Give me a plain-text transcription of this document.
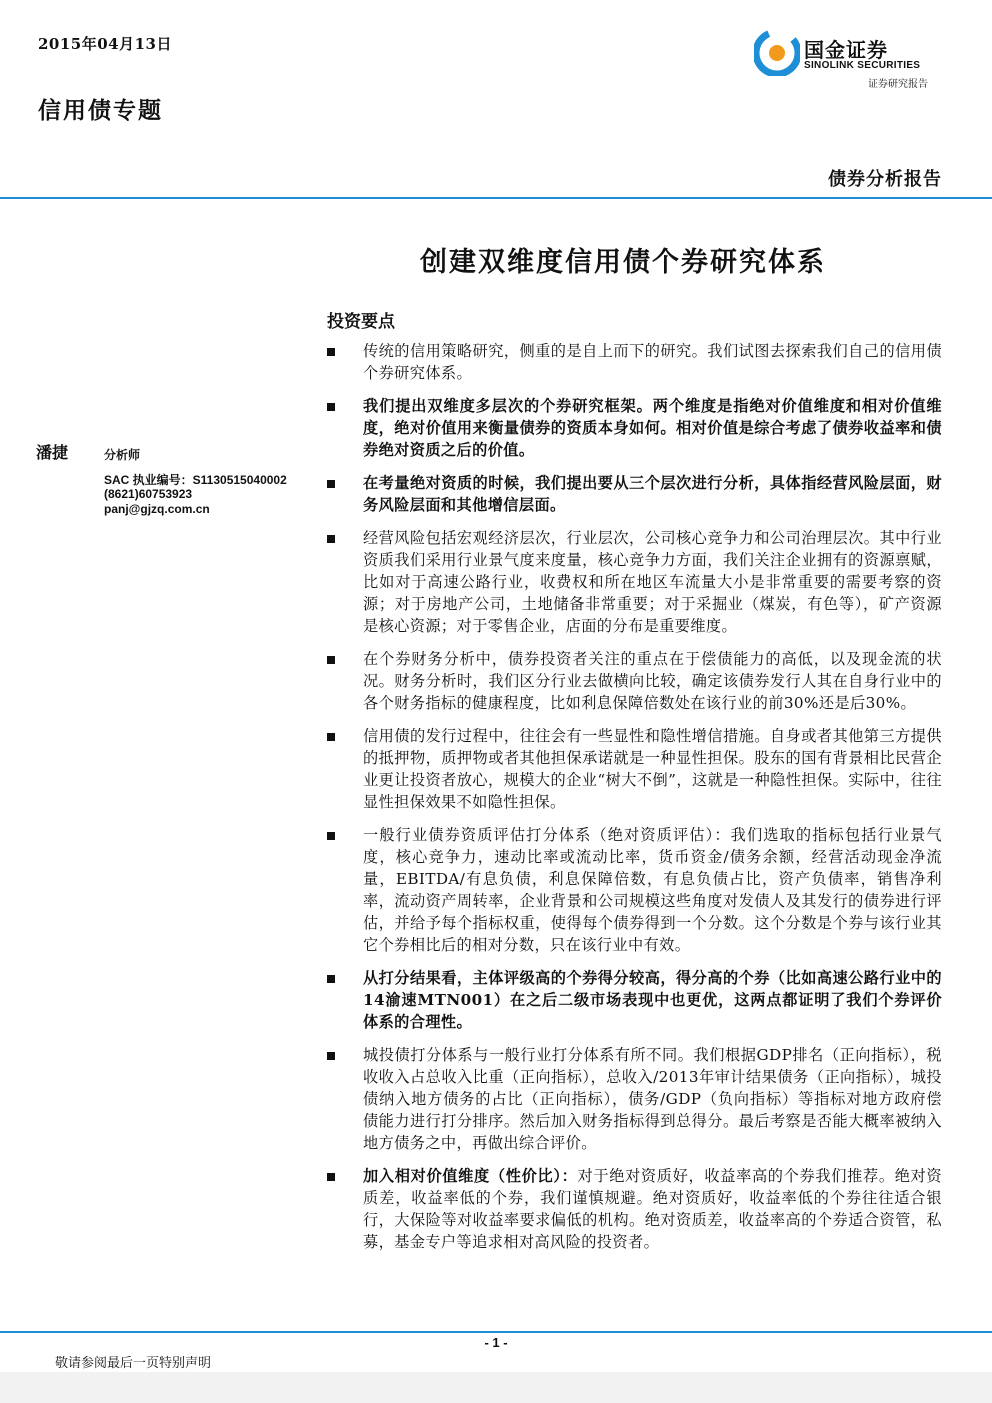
2015年04月13日
信用债专题
国金证券
SINOLINK SECURITIES
证券研究报告
债券分析报告
创建双维度信用债个券研究体系
潘捷	分析师
SAC 执业编号：S1130515040002
(8621)60753923
panj@gjzq.com.cn
投资要点
传统的信用策略研究，侧重的是自上而下的研究。我们试图去探索我们自己的信用债个券研究体系。
我们提出双维度多层次的个券研究框架。两个维度是指绝对价值维度和相对价值维度，绝对价值用来衡量债券的资质本身如何。相对价值是综合考虑了债券收益率和债券绝对资质之后的价值。
在考量绝对资质的时候，我们提出要从三个层次进行分析，具体指经营风险层面，财务风险层面和其他增信层面。
经营风险包括宏观经济层次，行业层次，公司核心竞争力和公司治理层次。其中行业资质我们采用行业景气度来度量，核心竞争力方面，我们关注企业拥有的资源禀赋，比如对于高速公路行业，收费权和所在地区车流量大小是非常重要的需要考察的资源；对于房地产公司，土地储备非常重要；对于采掘业（煤炭，有色等），矿产资源是核心资源；对于零售企业，店面的分布是重要维度。
在个券财务分析中，债券投资者关注的重点在于偿债能力的高低，以及现金流的状况。财务分析时，我们区分行业去做横向比较，确定该债券发行人其在自身行业中的各个财务指标的健康程度，比如利息保障倍数处在该行业的前30%还是后30%。
信用债的发行过程中，往往会有一些显性和隐性增信措施。自身或者其他第三方提供的抵押物，质押物或者其他担保承诺就是一种显性担保。股东的国有背景相比民营企业更让投资者放心，规模大的企业“树大不倒”，这就是一种隐性担保。实际中，往往显性担保效果不如隐性担保。
一般行业债券资质评估打分体系（绝对资质评估）：我们选取的指标包括行业景气度，核心竞争力，速动比率或流动比率，货币资金/债务余额，经营活动现金净流量，EBITDA/有息负债，利息保障倍数，有息负债占比，资产负债率，销售净利率，流动资产周转率，企业背景和公司规模这些角度对发债人及其发行的债券进行评估，并给予每个指标权重，使得每个债券得到一个分数。这个分数是个券与该行业其它个券相比后的相对分数，只在该行业中有效。
从打分结果看，主体评级高的个券得分较高，得分高的个券（比如高速公路行业中的14渝速MTN001）在之后二级市场表现中也更优，这两点都证明了我们个券评价体系的合理性。
城投债打分体系与一般行业打分体系有所不同。我们根据GDP排名（正向指标），税收收入占总收入比重（正向指标），总收入/2013年审计结果债务（正向指标），城投债纳入地方债务的占比（正向指标），债务/GDP（负向指标）等指标对地方政府偿债能力进行打分排序。然后加入财务指标得到总得分。最后考察是否能大概率被纳入地方债务之中，再做出综合评价。
加入相对价值维度（性价比）：对于绝对资质好，收益率高的个券我们推荐。绝对资质差，收益率低的个券，我们谨慎规避。绝对资质好，收益率低的个券往往适合银行，大保险等对收益率要求偏低的机构。绝对资质差，收益率高的个券适合资管，私募，基金专户等追求相对高风险的投资者。
- 1 -
敬请参阅最后一页特别声明
